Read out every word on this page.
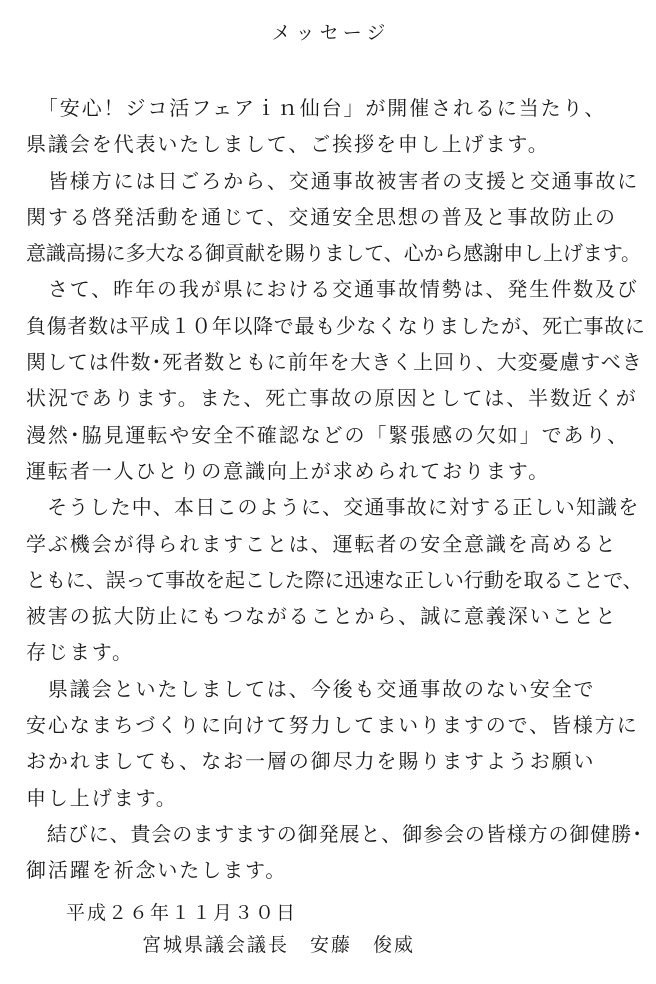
メッセージ
　「安心！ジコ活フェアｉｎ仙台」が開催されるに当たり、
県議会を代表いたしまして、ご挨拶を申し上げます。
　皆様方には日ごろから、交通事故被害者の支援と交通事故に
関する啓発活動を通じて、交通安全思想の普及と事故防止の
意識高揚に多大なる御貢献を賜りまして、心から感謝申し上げます。
　さて、昨年の我が県における交通事故情勢は、発生件数及び
負傷者数は平成１０年以降で最も少なくなりましたが、死亡事故に
関しては件数･死者数ともに前年を大きく上回り、大変憂慮すべき
状況であります。また、死亡事故の原因としては、半数近くが
漫然･脇見運転や安全不確認などの「緊張感の欠如」であり、
運転者一人ひとりの意識向上が求められております。
　そうした中、本日このように、交通事故に対する正しい知識を
学ぶ機会が得られますことは、運転者の安全意識を高めると
ともに、誤って事故を起こした際に迅速な正しい行動を取ることで、
被害の拡大防止にもつながることから、誠に意義深いことと
存じます。
　県議会といたしましては、今後も交通事故のない安全で
安心なまちづくりに向けて努力してまいりますので、皆様方に
おかれましても、なお一層の御尽力を賜りますようお願い
申し上げます。
　結びに、貴会のますますの御発展と、御参会の皆様方の御健勝･
御活躍を祈念いたします。
平成２６年１１月３０日
宮城県議会議長　安藤　俊威
